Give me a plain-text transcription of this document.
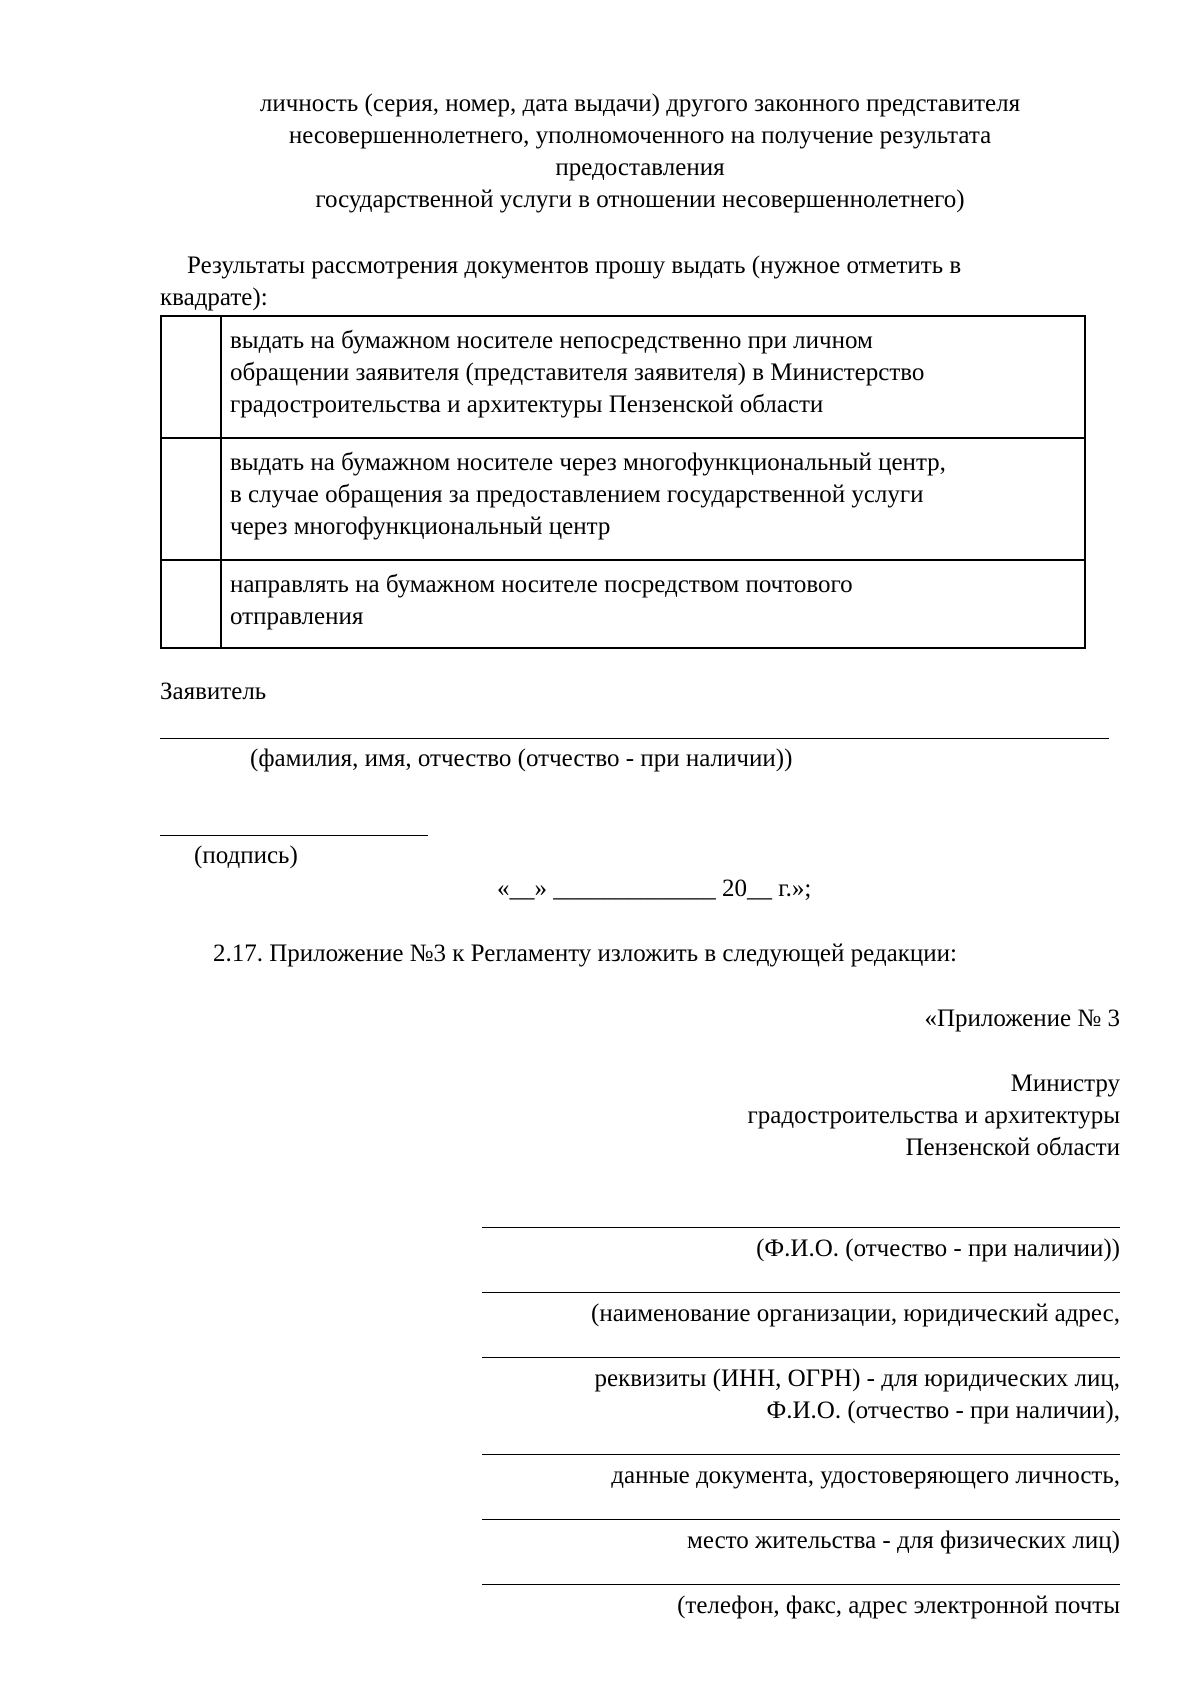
личность (серия, номер, дата выдачи) другого законного представителя
несовершеннолетнего, уполномоченного на получение результата
предоставления
государственной услуги в отношении несовершеннолетнего)
Результаты рассмотрения документов прошу выдать (нужное отметить в
квадрате):

	выдать на бумажном носителе непосредственно при личном
обращении заявителя (представителя заявителя) в Министерство
градостроительства и архитектуры Пензенской области

	выдать на бумажном носителе через многофункциональный центр,
в случае обращения за предоставлением государственной услуги
через многофункциональный центр

	направлять на бумажном носителе посредством почтового
отправления
Заявитель
(фамилия, имя, отчество (отчество - при наличии))
(подпись)
«__» _____________ 20__ г.»;
2.17. Приложение №3 к Регламенту изложить в следующей редакции:
«Приложение № 3
Министру
градостроительства и архитектуры
Пензенской области
(Ф.И.О. (отчество - при наличии))
(наименование организации, юридический адрес,
реквизиты (ИНН, ОГРН) - для юридических лиц,
Ф.И.О. (отчество - при наличии),
данные документа, удостоверяющего личность,
место жительства - для физических лиц)
(телефон, факс, адрес электронной почты
